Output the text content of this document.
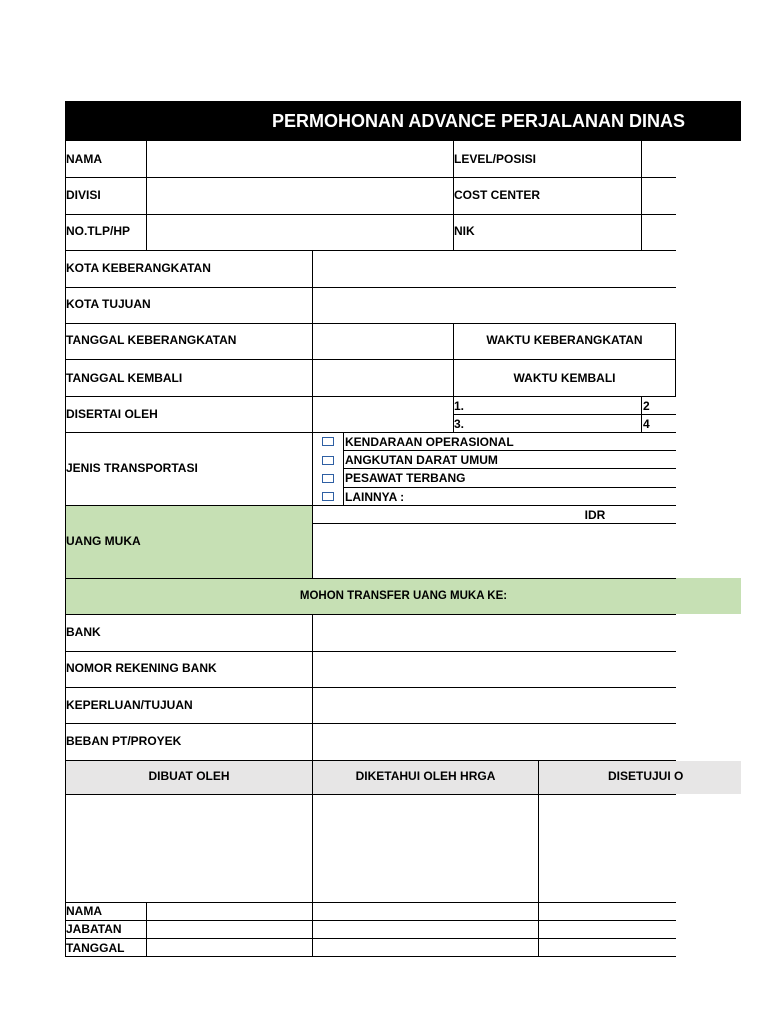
PERMOHONAN ADVANCE PERJALANAN DINAS
NAMA	LEVEL/POSISI
DIVISI	COST CENTER
NO.TLP/HP	NIK
KOTA KEBERANGKATAN
KOTA TUJUAN
TANGGAL KEBERANGKATAN	WAKTU KEBERANGKATAN
TANGGAL KEMBALI	WAKTU KEMBALI
DISERTAI OLEH
1.	2
3.	4
JENIS TRANSPORTASI
KENDARAAN OPERASIONAL
ANGKUTAN DARAT UMUM
PESAWAT TERBANG
LAINNYA :
UANG MUKA
IDR
MOHON TRANSFER UANG MUKA KE:
BANK
NOMOR REKENING BANK
KEPERLUAN/TUJUAN
BEBAN PT/PROYEK
DIBUAT OLEH	DIKETAHUI OLEH HRGA	DISETUJUI O
NAMA
JABATAN
TANGGAL
